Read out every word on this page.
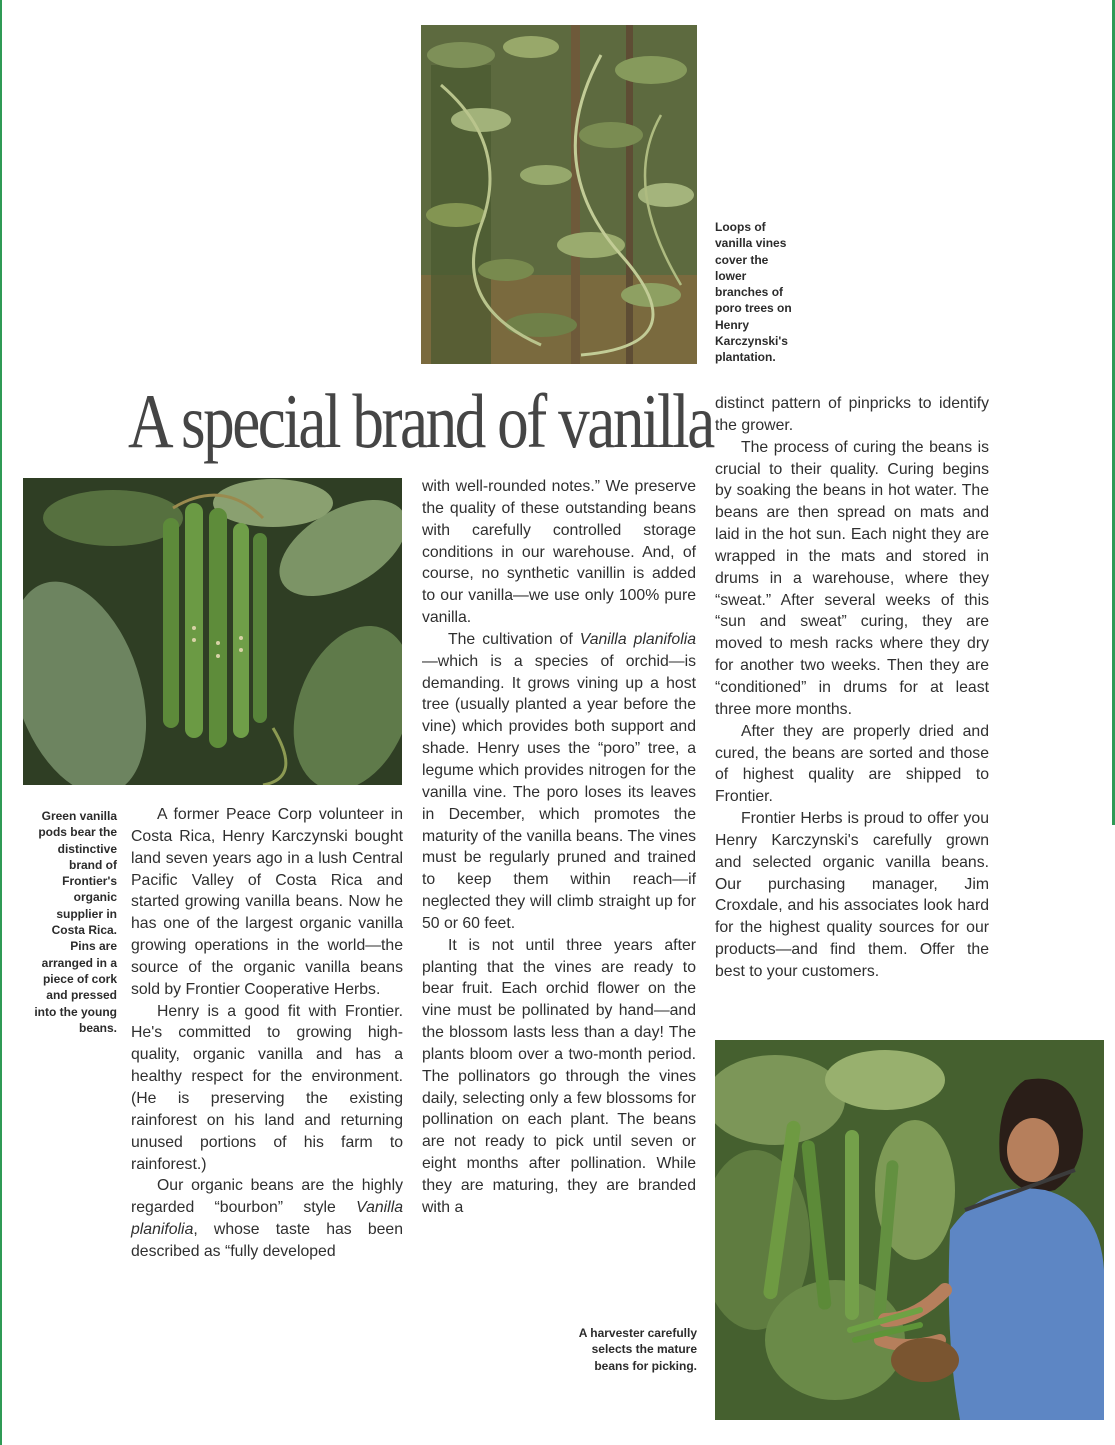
Loops of vanilla vines cover the lower branches of poro trees on Henry Karczynski's plantation.

A special brand of vanilla

Green vanilla pods bear the distinctive brand of Frontier's organic supplier in Costa Rica. Pins are arranged in a piece of cork and pressed into the young beans.

A former Peace Corp volunteer in Costa Rica, Henry Karczynski bought land seven years ago in a lush Central Pacific Valley of Costa Rica and started growing vanilla beans. Now he has one of the largest organic vanilla growing operations in the world—the source of the organic vanilla beans sold by Frontier Cooperative Herbs.

Henry is a good fit with Frontier. He's committed to growing high-quality, organic vanilla and has a healthy respect for the environment. (He is preserving the existing rainforest on his land and returning unused portions of his farm to rainforest.)

Our organic beans are the highly regarded “bourbon” style Vanilla planifolia, whose taste has been described as “fully developed

with well-rounded notes.” We preserve the quality of these outstanding beans with carefully controlled storage conditions in our warehouse. And, of course, no synthetic vanillin is added to our vanilla—we use only 100% pure vanilla.

The cultivation of Vanilla planifolia—which is a species of orchid—is demanding. It grows vining up a host tree (usually planted a year before the vine) which provides both support and shade. Henry uses the “poro” tree, a legume which provides nitrogen for the vanilla vine. The poro loses its leaves in December, which promotes the maturity of the vanilla beans. The vines must be regularly pruned and trained to keep them within reach—if neglected they will climb straight up for 50 or 60 feet.

It is not until three years after planting that the vines are ready to bear fruit. Each orchid flower on the vine must be pollinated by hand—and the blossom lasts less than a day! The plants bloom over a two-month period. The pollinators go through the vines daily, selecting only a few blossoms for pollination on each plant. The beans are not ready to pick until seven or eight months after pollination. While they are maturing, they are branded with a

distinct pattern of pinpricks to identify the grower.

The process of curing the beans is crucial to their quality. Curing begins by soaking the beans in hot water. The beans are then spread on mats and laid in the hot sun. Each night they are wrapped in the mats and stored in drums in a warehouse, where they “sweat.” After several weeks of this “sun and sweat” curing, they are moved to mesh racks where they dry for another two weeks. Then they are “conditioned” in drums for at least three more months.

After they are properly dried and cured, the beans are sorted and those of highest quality are shipped to Frontier.

Frontier Herbs is proud to offer you Henry Karczynski's carefully grown and selected organic vanilla beans. Our purchasing manager, Jim Croxdale, and his associates look hard for the highest quality sources for our products—and find them. Offer the best to your customers.

A harvester carefully selects the mature beans for picking.
